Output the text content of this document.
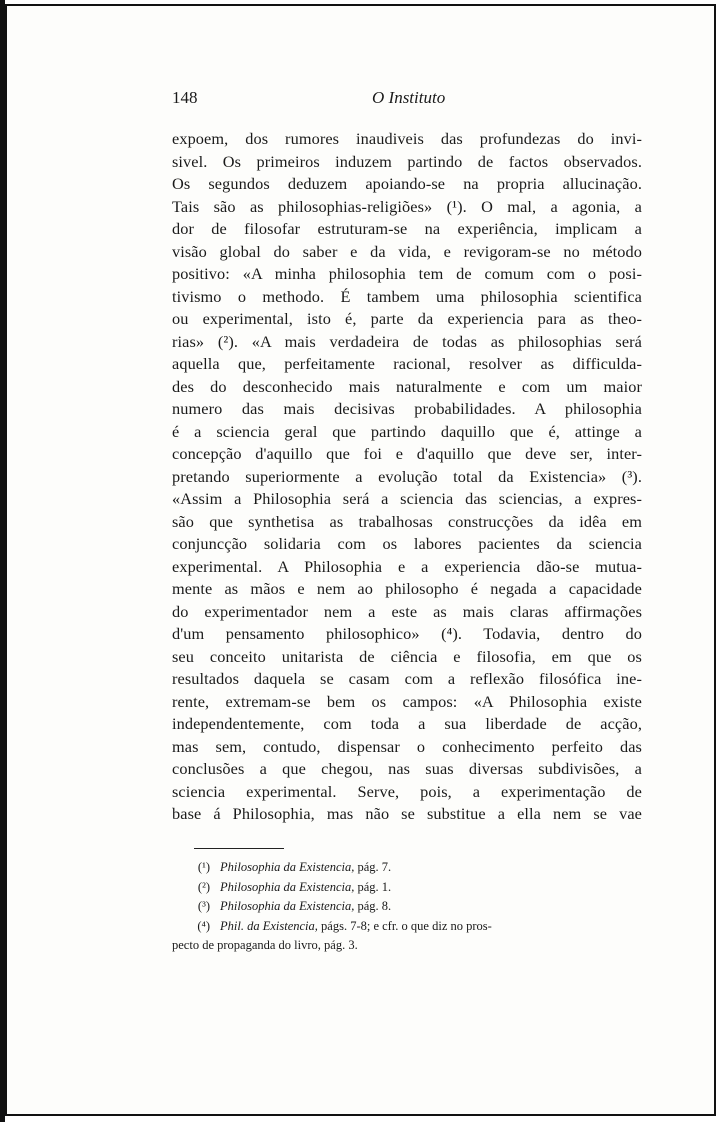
148	O Instituto
expoem, dos rumores inaudiveis das profundezas do invi-
sivel. Os primeiros induzem partindo de factos observados.
Os segundos deduzem apoiando-se na propria allucinação.
Tais são as philosophias-religiões» (¹). O mal, a agonia, a
dor de filosofar estruturam-se na experiência, implicam a
visão global do saber e da vida, e revigoram-se no método
positivo: «A minha philosophia tem de comum com o posi-
tivismo o methodo. É tambem uma philosophia scientifica
ou experimental, isto é, parte da experiencia para as theo-
rias» (²). «A mais verdadeira de todas as philosophias será
aquella que, perfeitamente racional, resolver as difficulda-
des do desconhecido mais naturalmente e com um maior
numero das mais decisivas probabilidades. A philosophia
é a sciencia geral que partindo daquillo que é, attinge a
concepção d'aquillo que foi e d'aquillo que deve ser, inter-
pretando superiormente a evolução total da Existencia» (³).
«Assim a Philosophia será a sciencia das sciencias, a expres-
são que synthetisa as trabalhosas construcções da idêa em
conjuncção solidaria com os labores pacientes da sciencia
experimental. A Philosophia e a experiencia dão-se mutua-
mente as mãos e nem ao philosopho é negada a capacidade
do experimentador nem a este as mais claras affirmações
d'um pensamento philosophico» (⁴). Todavia, dentro do
seu conceito unitarista de ciência e filosofia, em que os
resultados daquela se casam com a reflexão filosófica ine-
rente, extremam-se bem os campos: «A Philosophia existe
independentemente, com toda a sua liberdade de acção,
mas sem, contudo, dispensar o conhecimento perfeito das
conclusões a que chegou, nas suas diversas subdivisões, a
sciencia experimental. Serve, pois, a experimentação de
base á Philosophia, mas não se substitue a ella nem se vae
(¹) Philosophia da Existencia, pág. 7.
(²) Philosophia da Existencia, pág. 1.
(³) Philosophia da Existencia, pág. 8.
(⁴) Phil. da Existencia, págs. 7-8; e cfr. o que diz no pros-
pecto de propaganda do livro, pág. 3.
